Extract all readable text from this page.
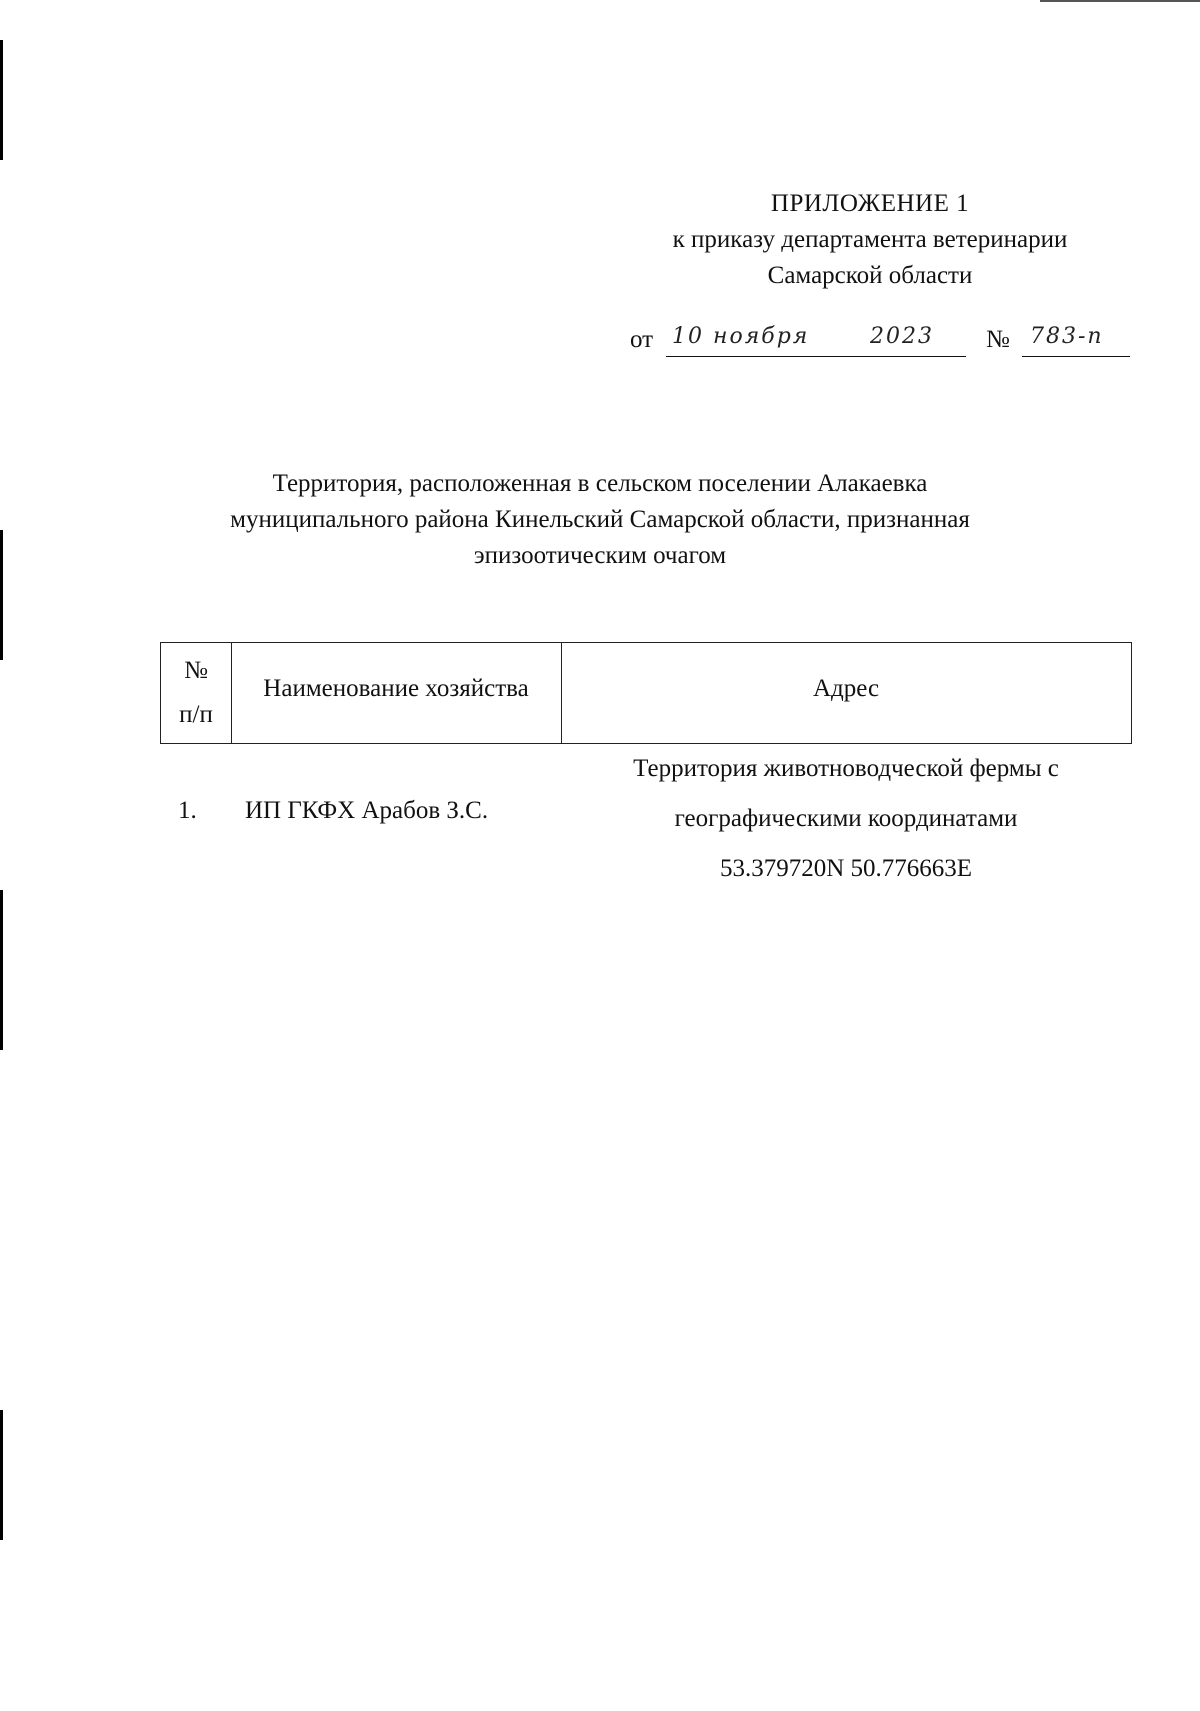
ПРИЛОЖЕНИЕ 1
к приказу департамента ветеринарии
Самарской области
от 10 ноября	2023 № 783-п
Территория, расположенная в сельском поселении Алакаевка
муниципального района Кинельский Самарской области, признанная
эпизоотическим очагом
№
п/п
Наименование хозяйства	Адрес
1. ИП ГКФХ Арабов З.С.
Территория животноводческой фермы с
географическими координатами
53.379720N 50.776663E
